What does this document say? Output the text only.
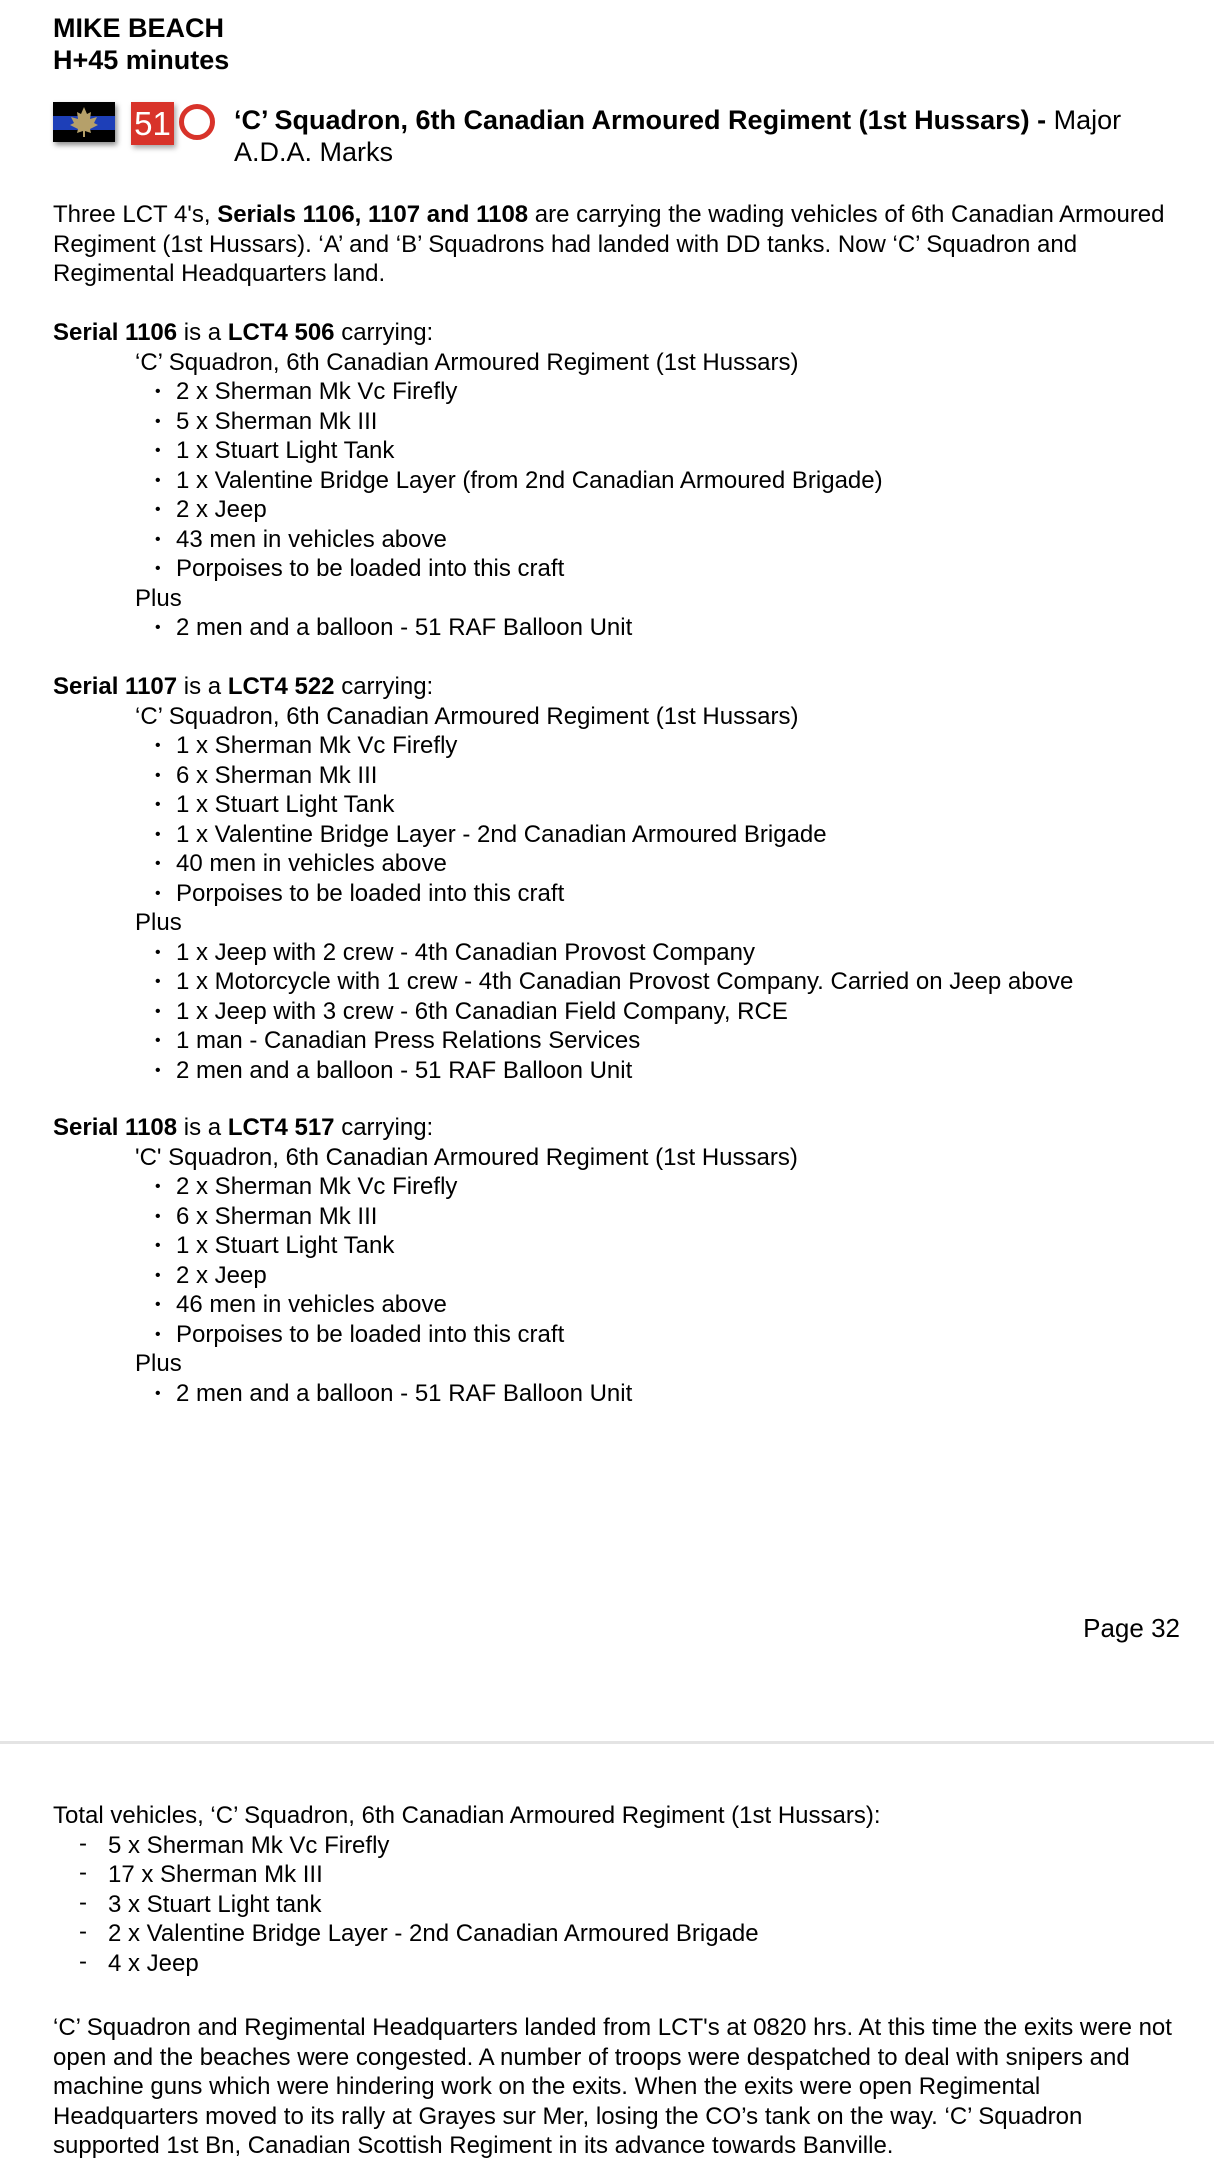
MIKE BEACH
H+45 minutes
51 ‘C’ Squadron, 6th Canadian Armoured Regiment (1st Hussars) - Major A.D.A. Marks
Three LCT 4's, Serials 1106, 1107 and 1108 are carrying the wading vehicles of 6th Canadian Armoured Regiment (1st Hussars). ‘A’ and ‘B’ Squadrons had landed with DD tanks. Now ‘C’ Squadron and Regimental Headquarters land.
Serial 1106 is a LCT4 506 carrying:
‘C’ Squadron, 6th Canadian Armoured Regiment (1st Hussars)
• 2 x Sherman Mk Vc Firefly
• 5 x Sherman Mk III
• 1 x Stuart Light Tank
• 1 x Valentine Bridge Layer (from 2nd Canadian Armoured Brigade)
• 2 x Jeep
• 43 men in vehicles above
• Porpoises to be loaded into this craft
Plus
• 2 men and a balloon - 51 RAF Balloon Unit
Serial 1107 is a LCT4 522 carrying:
‘C’ Squadron, 6th Canadian Armoured Regiment (1st Hussars)
• 1 x Sherman Mk Vc Firefly
• 6 x Sherman Mk III
• 1 x Stuart Light Tank
• 1 x Valentine Bridge Layer - 2nd Canadian Armoured Brigade
• 40 men in vehicles above
• Porpoises to be loaded into this craft
Plus
• 1 x Jeep with 2 crew - 4th Canadian Provost Company
• 1 x Motorcycle with 1 crew - 4th Canadian Provost Company. Carried on Jeep above
• 1 x Jeep with 3 crew - 6th Canadian Field Company, RCE
• 1 man - Canadian Press Relations Services
• 2 men and a balloon - 51 RAF Balloon Unit
Serial 1108 is a LCT4 517 carrying:
'C' Squadron, 6th Canadian Armoured Regiment (1st Hussars)
• 2 x Sherman Mk Vc Firefly
• 6 x Sherman Mk III
• 1 x Stuart Light Tank
• 2 x Jeep
• 46 men in vehicles above
• Porpoises to be loaded into this craft
Plus
• 2 men and a balloon - 51 RAF Balloon Unit
Page 32
Total vehicles, ‘C’ Squadron, 6th Canadian Armoured Regiment (1st Hussars):
- 5 x Sherman Mk Vc Firefly
- 17 x Sherman Mk III
- 3 x Stuart Light tank
- 2 x Valentine Bridge Layer - 2nd Canadian Armoured Brigade
- 4 x Jeep
‘C’ Squadron and Regimental Headquarters landed from LCT's at 0820 hrs. At this time the exits were not open and the beaches were congested. A number of troops were despatched to deal with snipers and machine guns which were hindering work on the exits. When the exits were open Regimental Headquarters moved to its rally at Grayes sur Mer, losing the CO’s tank on the way. ‘C’ Squadron supported 1st Bn, Canadian Scottish Regiment in its advance towards Banville.
